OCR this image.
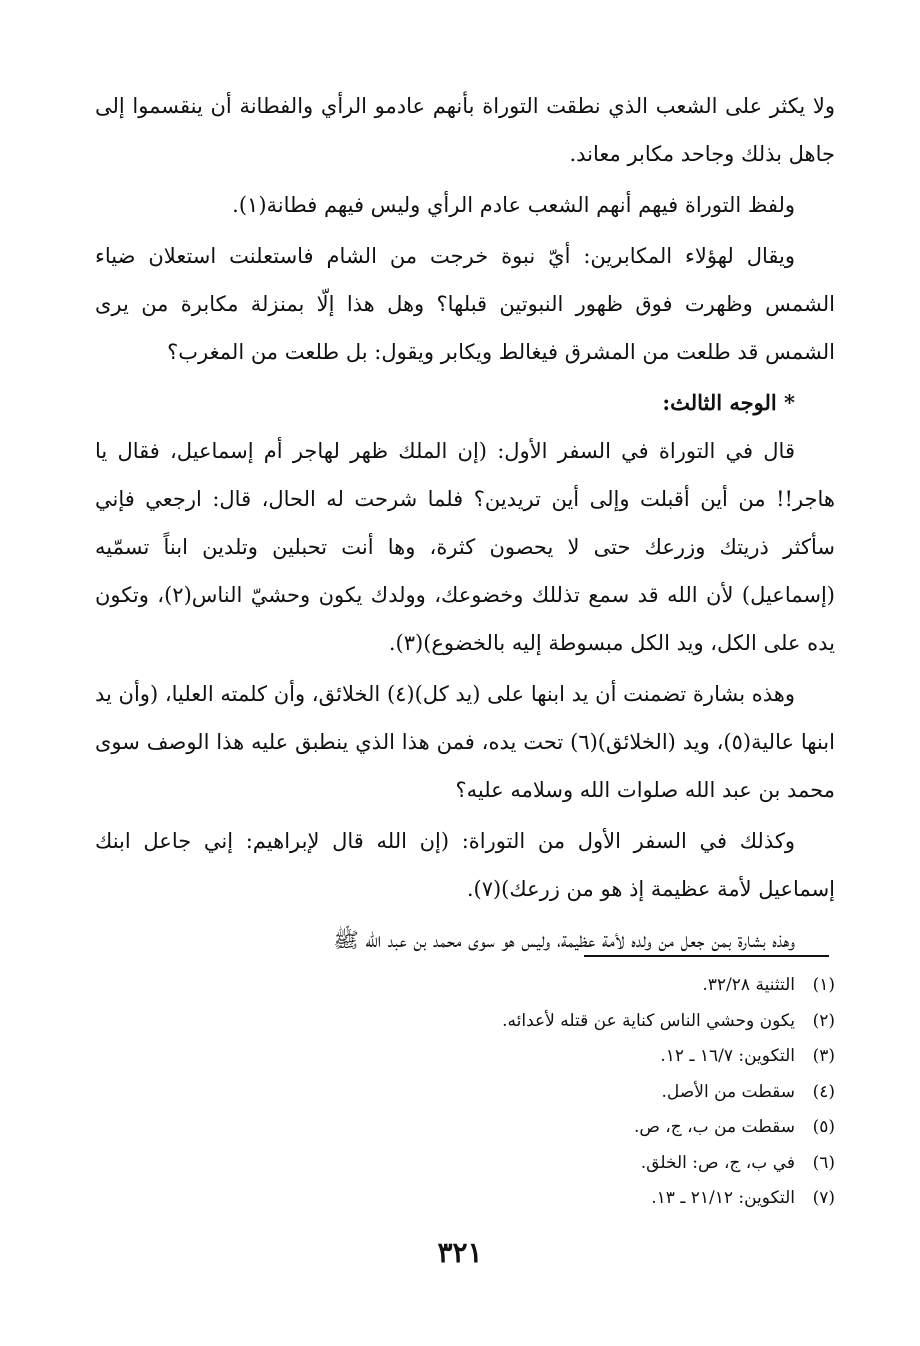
ولا يكثر على الشعب الذي نطقت التوراة بأنهم عادمو الرأي والفطانة أن ينقسموا إلى جاهل بذلك وجاحد مكابر معاند.

ولفظ التوراة فيهم أنهم الشعب عادم الرأي وليس فيهم فطانة(١).

ويقال لهؤلاء المكابرين: أيّ نبوة خرجت من الشام فاستعلنت استعلان ضياء الشمس وظهرت فوق ظهور النبوتين قبلها؟ وهل هذا إلّا بمنزلة مكابرة من يرى الشمس قد طلعت من المشرق فيغالط ويكابر ويقول: بل طلعت من المغرب؟

* الوجه الثالث:

قال في التوراة في السفر الأول: (إن الملك ظهر لهاجر أم إسماعيل، فقال يا هاجر!! من أين أقبلت وإلى أين تريدين؟ فلما شرحت له الحال، قال: ارجعي فإني سأكثر ذريتك وزرعك حتى لا يحصون كثرة، وها أنت تحبلين وتلدين ابناً تسمّيه (إسماعيل) لأن الله قد سمع تذللك وخضوعك، وولدك يكون وحشيّ الناس(٢)، وتكون يده على الكل، ويد الكل مبسوطة إليه بالخضوع)(٣).

وهذه بشارة تضمنت أن يد ابنها على (يد كل)(٤) الخلائق، وأن كلمته العليا، (وأن يد ابنها عالية(٥)، ويد (الخلائق)(٦) تحت يده، فمن هذا الذي ينطبق عليه هذا الوصف سوى محمد بن عبد الله صلوات الله وسلامه عليه؟

وكذلك في السفر الأول من التوراة: (إن الله قال لإبراهيم: إني جاعل ابنك إسماعيل لأمة عظيمة إذ هو من زرعك)(٧).

وهذه بشارة بمن جعل من ولده لأمة عظيمة، وليس هو سوى محمد بن عبد الله ﷺ

(١)التثنية ٣٢/٢٨.
(٢)يكون وحشي الناس كناية عن قتله لأعدائه.
(٣)التكوين: ١٦/٧ ـ ١٢.
(٤)سقطت من الأصل.
(٥)سقطت من ب، ج، ص.
(٦)في ب، ج، ص: الخلق.
(٧)التكوين: ٢١/١٢ ـ ١٣.
٣٢١
